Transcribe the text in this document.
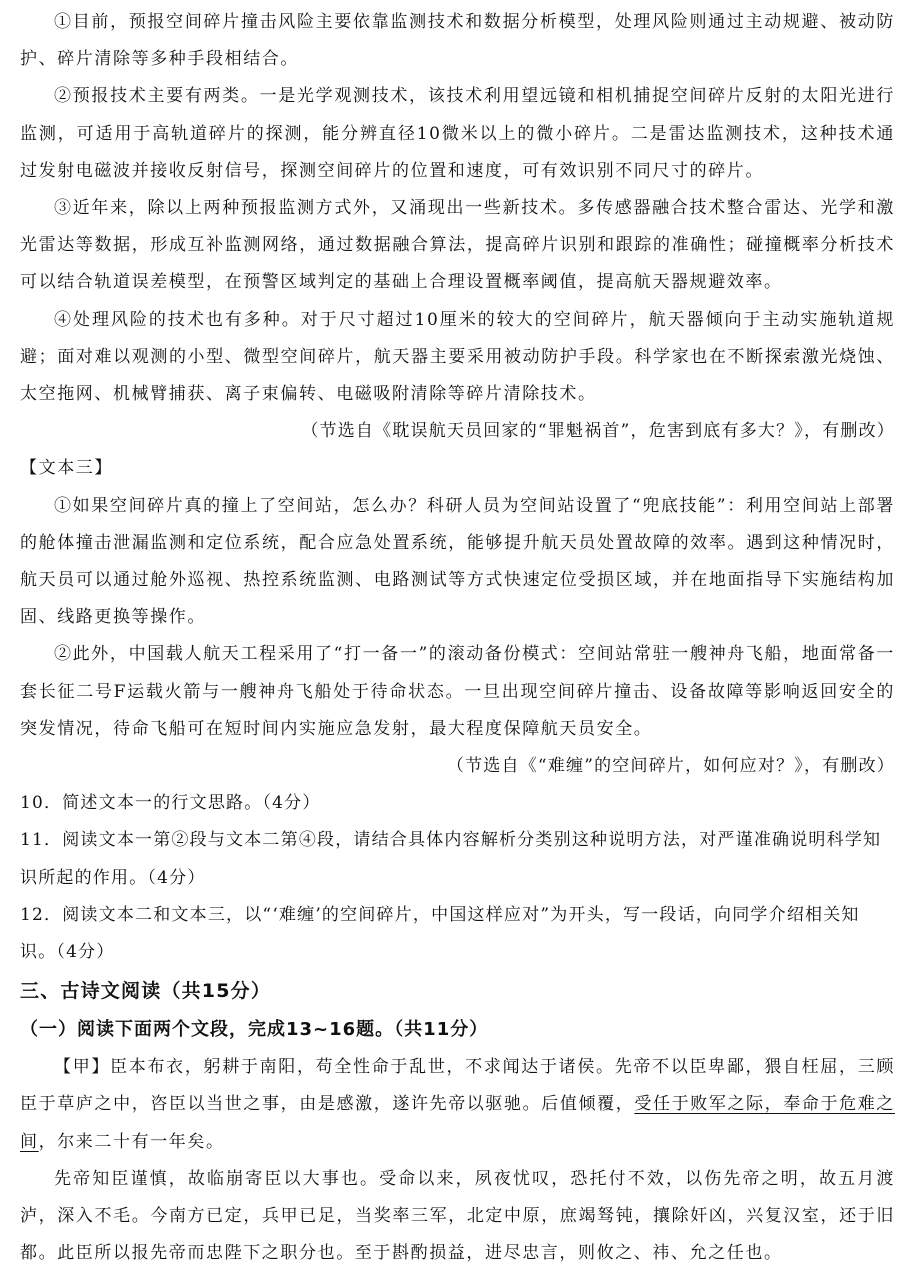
①目前，预报空间碎片撞击风险主要依靠监测技术和数据分析模型，处理风险则通过主动规避、被动防护、碎片清除等多种手段相结合。

②预报技术主要有两类。一是光学观测技术，该技术利用望远镜和相机捕捉空间碎片反射的太阳光进行监测，可适用于高轨道碎片的探测，能分辨直径10微米以上的微小碎片。二是雷达监测技术，这种技术通过发射电磁波并接收反射信号，探测空间碎片的位置和速度，可有效识别不同尺寸的碎片。

③近年来，除以上两种预报监测方式外，又涌现出一些新技术。多传感器融合技术整合雷达、光学和激光雷达等数据，形成互补监测网络，通过数据融合算法，提高碎片识别和跟踪的准确性；碰撞概率分析技术可以结合轨道误差模型，在预警区域判定的基础上合理设置概率阈值，提高航天器规避效率。

④处理风险的技术也有多种。对于尺寸超过10厘米的较大的空间碎片，航天器倾向于主动实施轨道规避；面对难以观测的小型、微型空间碎片，航天器主要采用被动防护手段。科学家也在不断探索激光烧蚀、太空拖网、机械臂捕获、离子束偏转、电磁吸附清除等碎片清除技术。

（节选自《耽误航天员回家的“罪魁祸首”，危害到底有多大？》，有删改）

【文本三】

①如果空间碎片真的撞上了空间站，怎么办？科研人员为空间站设置了“兜底技能”：利用空间站上部署的舱体撞击泄漏监测和定位系统，配合应急处置系统，能够提升航天员处置故障的效率。遇到这种情况时，航天员可以通过舱外巡视、热控系统监测、电路测试等方式快速定位受损区域，并在地面指导下实施结构加固、线路更换等操作。

②此外，中国载人航天工程采用了“打一备一”的滚动备份模式：空间站常驻一艘神舟飞船，地面常备一套长征二号F运载火箭与一艘神舟飞船处于待命状态。一旦出现空间碎片撞击、设备故障等影响返回安全的突发情况，待命飞船可在短时间内实施应急发射，最大程度保障航天员安全。

（节选自《“难缠”的空间碎片，如何应对？》，有删改）

10．简述文本一的行文思路。（4分）

11．阅读文本一第②段与文本二第④段，请结合具体内容解析分类别这种说明方法，对严谨准确说明科学知识所起的作用。（4分）

12．阅读文本二和文本三，以“‘难缠’的空间碎片，中国这样应对”为开头，写一段话，向同学介绍相关知识。（4分）

三、古诗文阅读（共15分）

（一）阅读下面两个文段，完成13~16题。（共11分）

【甲】臣本布衣，躬耕于南阳，苟全性命于乱世，不求闻达于诸侯。先帝不以臣卑鄙，猥自枉屈，三顾臣于草庐之中，咨臣以当世之事，由是感激，遂许先帝以驱驰。后值倾覆，受任于败军之际，奉命于危难之间，尔来二十有一年矣。

先帝知臣谨慎，故临崩寄臣以大事也。受命以来，夙夜忧叹，恐托付不效，以伤先帝之明，故五月渡泸，深入不毛。今南方已定，兵甲已足，当奖率三军，北定中原，庶竭驽钝，攘除奸凶，兴复汉室，还于旧都。此臣所以报先帝而忠陛下之职分也。至于斟酌损益，进尽忠言，则攸之、祎、允之任也。
